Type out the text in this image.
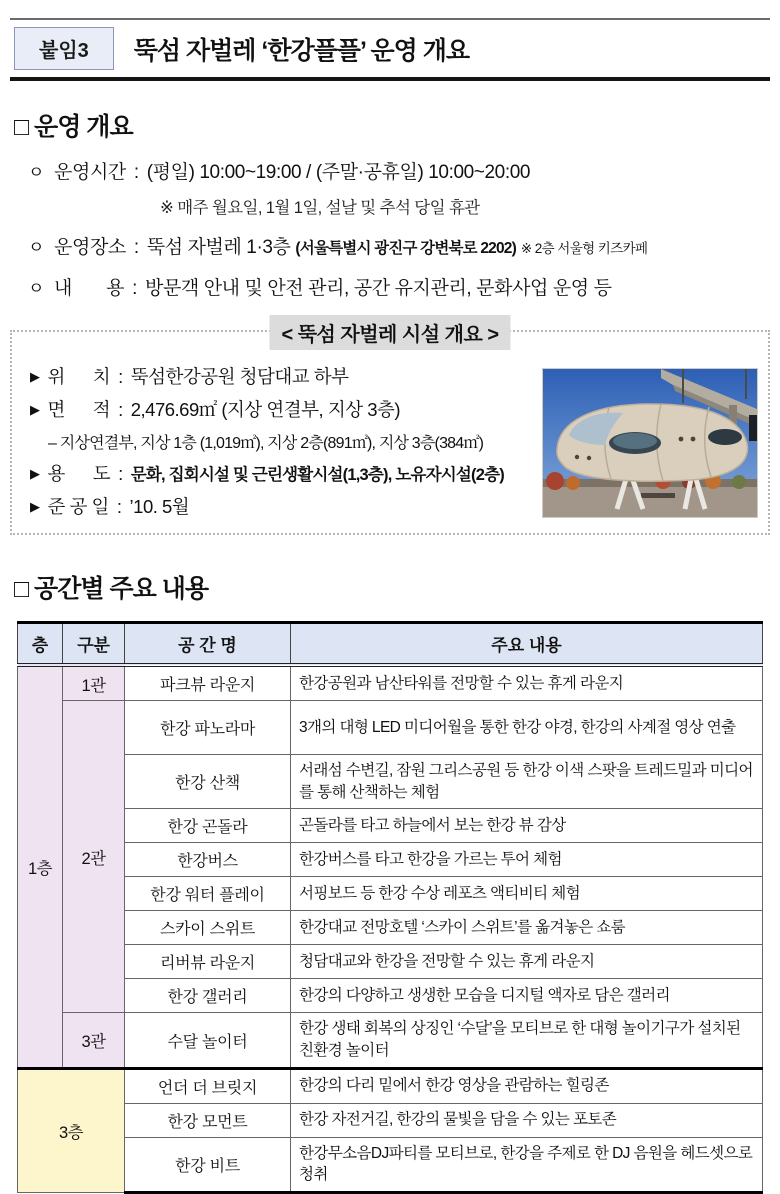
붙임3	뚝섬 자벌레 ‘한강플플’ 운영 개요
□ 운영 개요
ㅇ 운영시간 : (평일) 10:00~19:00 / (주말·공휴일) 10:00~20:00
※ 매주 월요일, 1월 1일, 설날 및 추석 당일 휴관
ㅇ 운영장소 : 뚝섬 자벌레 1·3층 (서울특별시 광진구 강변북로 2202) ※ 2층 서울형 키즈카페
ㅇ 내       용 : 방문객 안내 및 안전 관리, 공간 유지관리, 문화사업 운영 등
< 뚝섬 자벌레 시설 개요 >
▶ 위      치 : 뚝섬한강공원 청담대교 하부
▶ 면      적 : 2,476.69㎡ (지상 연결부, 지상 3층)
– 지상연결부, 지상 1층 (1,019㎡), 지상 2층(891㎡), 지상 3층(384㎡)
▶ 용      도 : 문화, 집회시설 및 근린생활시설(1,3층), 노유자시설(2층)
▶ 준 공 일 : ’10. 5월
□ 공간별 주요 내용
층	구분	공 간 명	주요 내용
1층	1관	파크뷰 라운지	한강공원과 남산타워를 전망할 수 있는 휴게 라운지
	2관	한강 파노라마	3개의 대형 LED 미디어월을 통한 한강 야경, 한강의 사계절 영상 연출
		한강 산책	서래섬 수변길, 잠원 그리스공원 등 한강 이색 스팟을 트레드밀과 미디어를 통해 산책하는 체험
		한강 곤돌라	곤돌라를 타고 하늘에서 보는 한강 뷰 감상
		한강버스	한강버스를 타고 한강을 가르는 투어 체험
		한강 워터 플레이	서핑보드 등 한강 수상 레포츠 액티비티 체험
		스카이 스위트	한강대교 전망호텔 ‘스카이 스위트’를 옮겨놓은 쇼룸
		리버뷰 라운지	청담대교와 한강을 전망할 수 있는 휴게 라운지
		한강 갤러리	한강의 다양하고 생생한 모습을 디지털 액자로 담은 갤러리
	3관	수달 놀이터	한강 생태 회복의 상징인 ‘수달’을 모티브로 한 대형 놀이기구가 설치된 친환경 놀이터
3층		언더 더 브릿지	한강의 다리 밑에서 한강 영상을 관람하는 힐링존
		한강 모먼트	한강 자전거길, 한강의 물빛을 담을 수 있는 포토존
		한강 비트	한강무소음DJ파티를 모티브로, 한강을 주제로 한 DJ 음원을 헤드셋으로 청취
